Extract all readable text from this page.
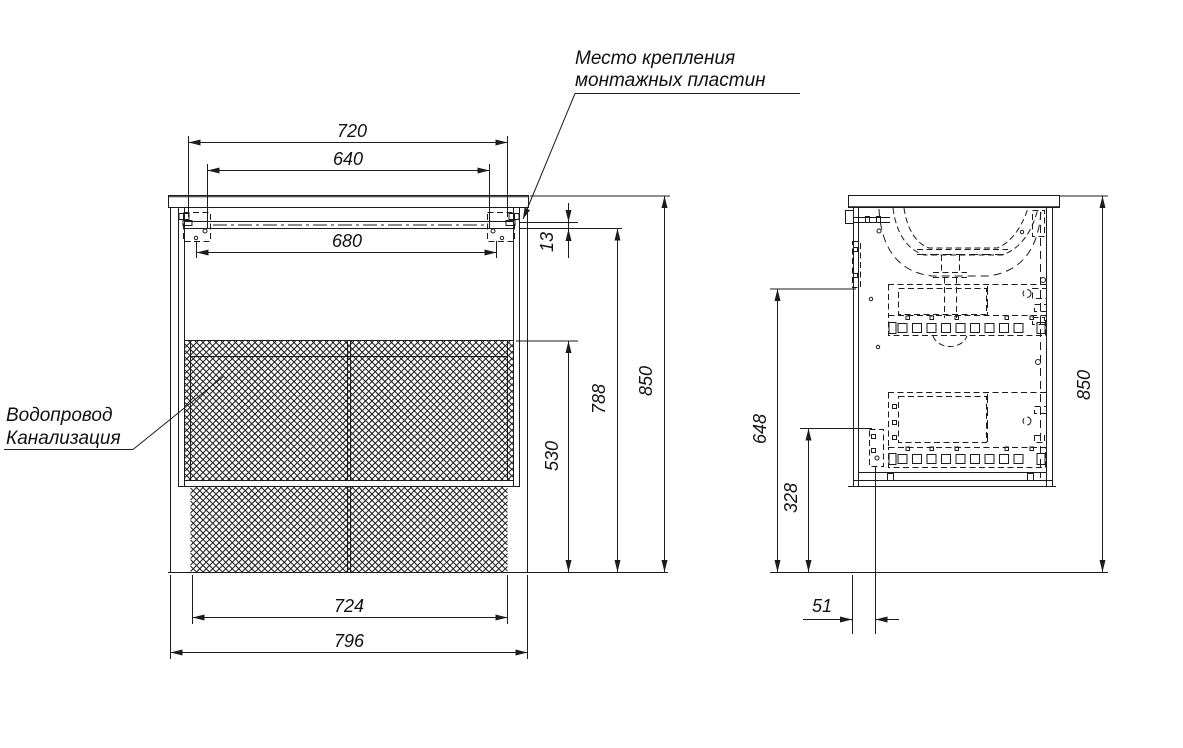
Место крепления
монтажных пластин
Водопровод
Канализация
720
640
680	13
530
788
850
724
796
648
328
850
51
